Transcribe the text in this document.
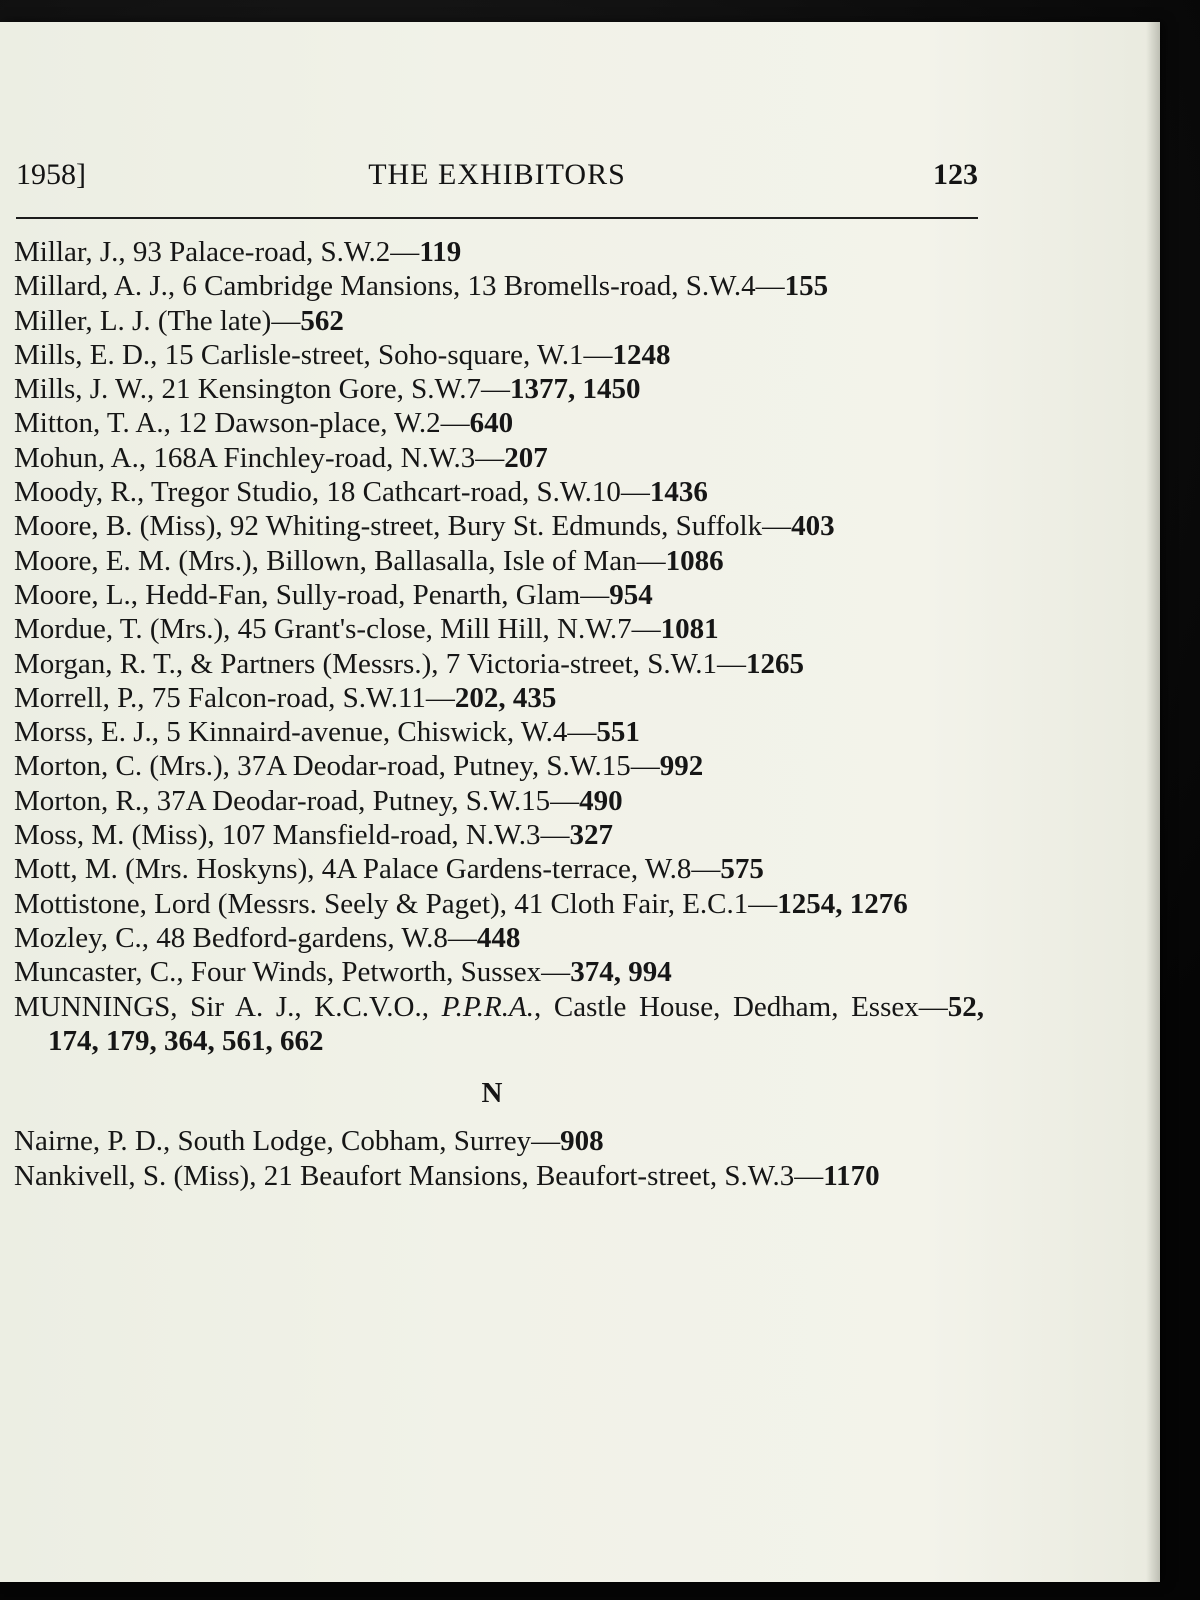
1958]	THE EXHIBITORS	123
Millar, J., 93 Palace-road, S.W.2—119
Millard, A. J., 6 Cambridge Mansions, 13 Bromells-road, S.W.4—155
Miller, L. J. (The late)—562
Mills, E. D., 15 Carlisle-street, Soho-square, W.1—1248
Mills, J. W., 21 Kensington Gore, S.W.7—1377, 1450
Mitton, T. A., 12 Dawson-place, W.2—640
Mohun, A., 168A Finchley-road, N.W.3—207
Moody, R., Tregor Studio, 18 Cathcart-road, S.W.10—1436
Moore, B. (Miss), 92 Whiting-street, Bury St. Edmunds, Suffolk—403
Moore, E. M. (Mrs.), Billown, Ballasalla, Isle of Man—1086
Moore, L., Hedd-Fan, Sully-road, Penarth, Glam—954
Mordue, T. (Mrs.), 45 Grant's-close, Mill Hill, N.W.7—1081
Morgan, R. T., & Partners (Messrs.), 7 Victoria-street, S.W.1—1265
Morrell, P., 75 Falcon-road, S.W.11—202, 435
Morss, E. J., 5 Kinnaird-avenue, Chiswick, W.4—551
Morton, C. (Mrs.), 37A Deodar-road, Putney, S.W.15—992
Morton, R., 37A Deodar-road, Putney, S.W.15—490
Moss, M. (Miss), 107 Mansfield-road, N.W.3—327
Mott, M. (Mrs. Hoskyns), 4A Palace Gardens-terrace, W.8—575
Mottistone, Lord (Messrs. Seely & Paget), 41 Cloth Fair, E.C.1—1254, 1276
Mozley, C., 48 Bedford-gardens, W.8—448
Muncaster, C., Four Winds, Petworth, Sussex—374, 994
MUNNINGS, Sir A. J., K.C.V.O., P.P.R.A., Castle House, Dedham, Essex—52, 174, 179, 364, 561, 662
N
Nairne, P. D., South Lodge, Cobham, Surrey—908
Nankivell, S. (Miss), 21 Beaufort Mansions, Beaufort-street, S.W.3—1170
